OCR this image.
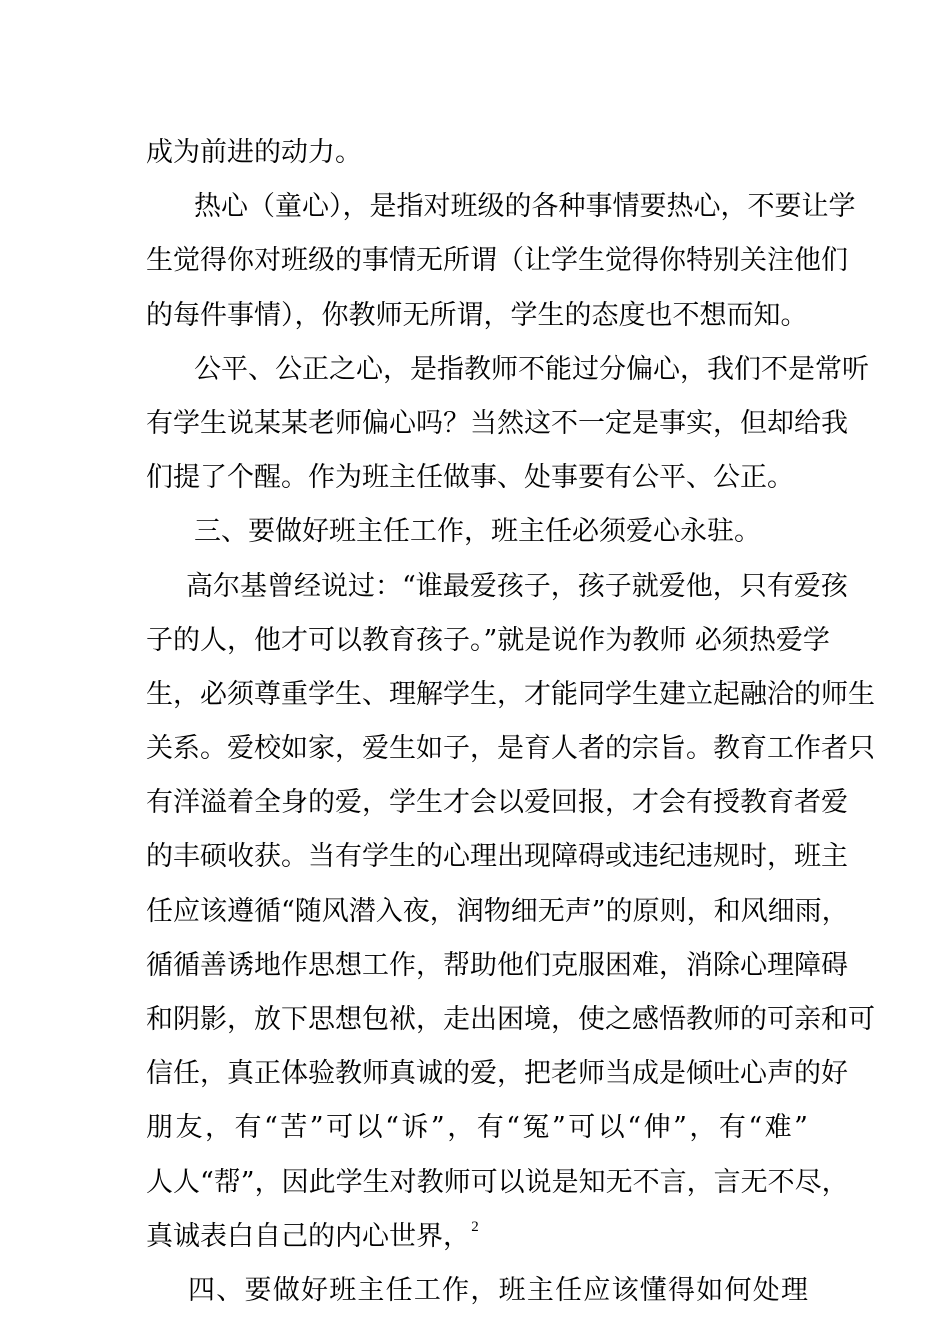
成为前进的动力。
热心（童心），是指对班级的各种事情要热心，不要让学
生觉得你对班级的事情无所谓（让学生觉得你特别关注他们
的每件事情），你教师无所谓，学生的态度也不想而知。
公平、公正之心，是指教师不能过分偏心，我们不是常听
有学生说某某老师偏心吗？当然这不一定是事实，但却给我
们提了个醒。作为班主任做事、处事要有公平、公正。
三、要做好班主任工作，班主任必须爱心永驻。
高尔基曾经说过：“谁最爱孩子，孩子就爱他，只有爱孩
子的人，他才可以教育孩子。”就是说作为教师 必须热爱学
生，必须尊重学生、理解学生，才能同学生建立起融洽的师生
关系。爱校如家，爱生如子，是育人者的宗旨。教育工作者只
有洋溢着全身的爱，学生才会以爱回报，才会有授教育者爱
的丰硕收获。当有学生的心理出现障碍或违纪违规时，班主
任应该遵循“随风潜入夜，润物细无声”的原则，和风细雨，
循循善诱地作思想工作，帮助他们克服困难，消除心理障碍
和阴影，放下思想包袱，走出困境，使之感悟教师的可亲和可
信任，真正体验教师真诚的爱，把老师当成是倾吐心声的好
朋友，有“苦”可以“诉”，有“冤”可以“伸”，有“难”
人人“帮”，因此学生对教师可以说是知无不言，言无不尽，
真诚表白自己的内心世界，
四、要做好班主任工作，班主任应该懂得如何处理
2
